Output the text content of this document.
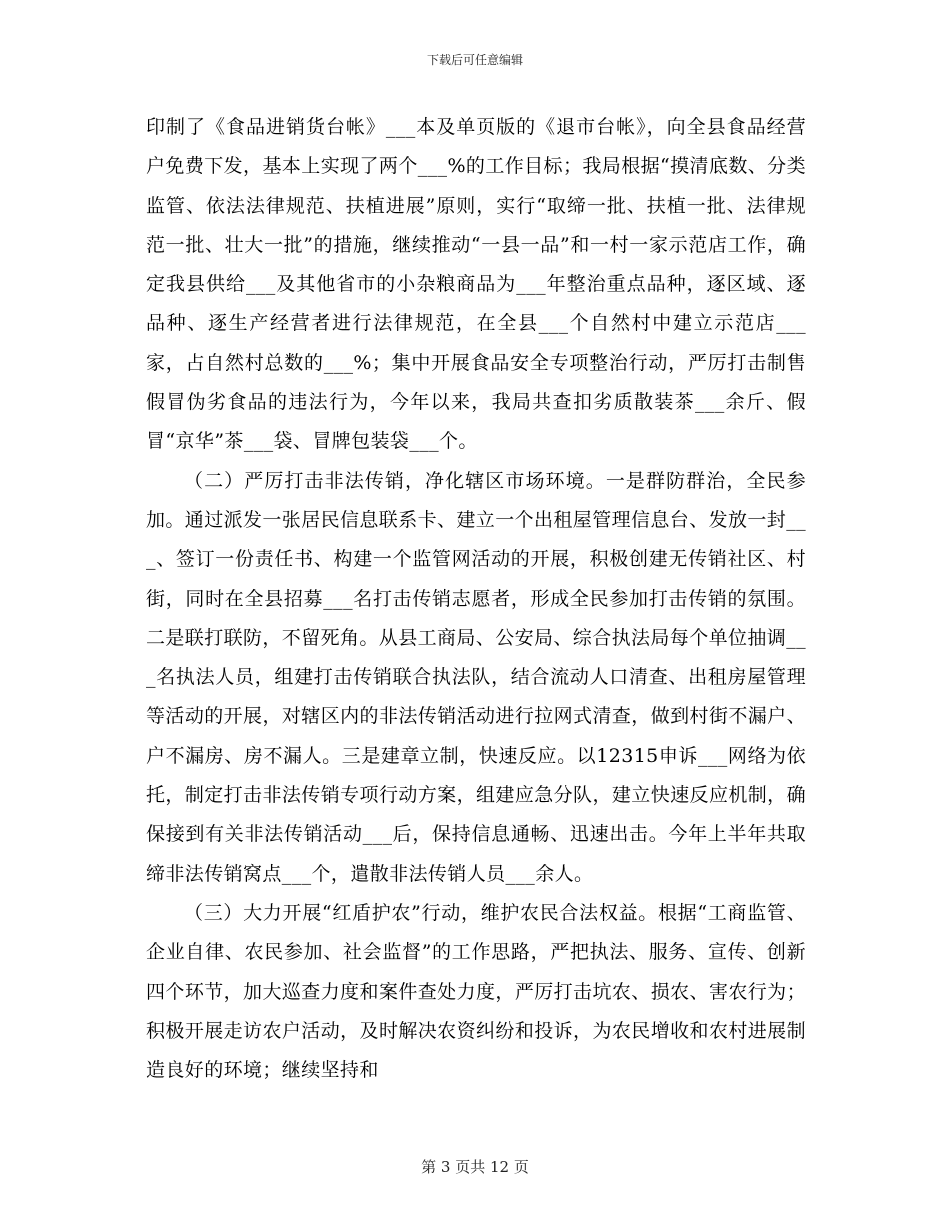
下载后可任意编辑

印制了《食品进销货台帐》___本及单页版的《退市台帐》，向全县食品经营户免费下发，基本上实现了两个___%的工作目标；我局根据“摸清底数、分类监管、依法法律规范、扶植进展”原则，实行“取缔一批、扶植一批、法律规范一批、壮大一批”的措施，继续推动“一县一品”和一村一家示范店工作，确定我县供给___及其他省市的小杂粮商品为___年整治重点品种，逐区域、逐品种、逐生产经营者进行法律规范，在全县___个自然村中建立示范店___家，占自然村总数的___%；集中开展食品安全专项整治行动，严厉打击制售假冒伪劣食品的违法行为，今年以来，我局共查扣劣质散装茶___余斤、假冒“京华”茶___袋、冒牌包装袋___个。

（二）严厉打击非法传销，净化辖区市场环境。一是群防群治，全民参加。通过派发一张居民信息联系卡、建立一个出租屋管理信息台、发放一封___、签订一份责任书、构建一个监管网活动的开展，积极创建无传销社区、村街，同时在全县招募___名打击传销志愿者，形成全民参加打击传销的氛围。二是联打联防，不留死角。从县工商局、公安局、综合执法局每个单位抽调___名执法人员，组建打击传销联合执法队，结合流动人口清查、出租房屋管理等活动的开展，对辖区内的非法传销活动进行拉网式清查，做到村街不漏户、户不漏房、房不漏人。三是建章立制，快速反应。以12315申诉___网络为依托，制定打击非法传销专项行动方案，组建应急分队，建立快速反应机制，确保接到有关非法传销活动___后，保持信息通畅、迅速出击。今年上半年共取缔非法传销窝点___个，遣散非法传销人员___余人。

（三）大力开展“红盾护农”行动，维护农民合法权益。根据“工商监管、企业自律、农民参加、社会监督”的工作思路，严把执法、服务、宣传、创新四个环节，加大巡查力度和案件查处力度，严厉打击坑农、损农、害农行为；积极开展走访农户活动，及时解决农资纠纷和投诉，为农民增收和农村进展制造良好的环境；继续坚持和

第 3 页共 12 页
